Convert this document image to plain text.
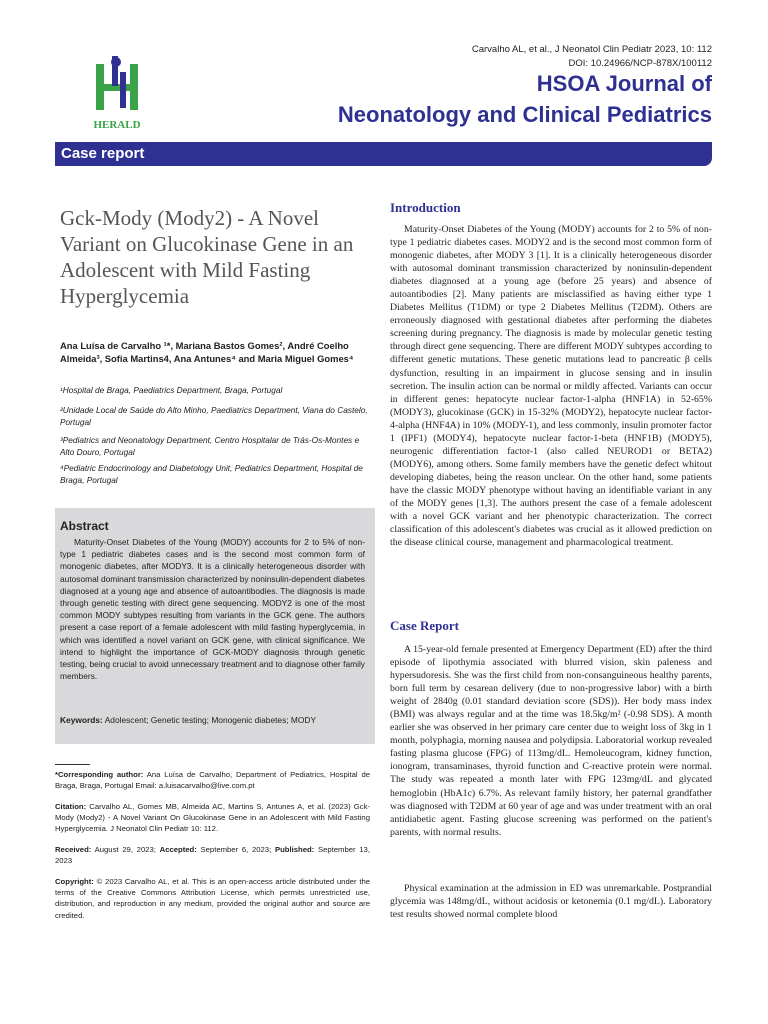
HERALD
Carvalho AL, et al., J Neonatol Clin Pediatr 2023, 10: 112
DOI: 10.24966/NCP-878X/100112
HSOA Journal of
Neonatology and Clinical Pediatrics
Case report
Gck-Mody (Mody2) - A Novel Variant on Glucokinase Gene in an Adolescent with Mild Fasting Hyperglycemia
Ana Luísa de Carvalho ¹*, Mariana Bastos Gomes², André Coelho Almeida³, Sofia Martins4, Ana Antunes⁴ and Maria Miguel Gomes⁴
¹Hospital de Braga, Paediatrics Department, Braga, Portugal
²Unidade Local de Saúde do Alto Minho, Paediatrics Department, Viana do Castelo, Portugal
³Pediatrics and Neonatology Department, Centro Hospitalar de Trás-Os-Montes e Alto Douro, Portugal
⁴Pediatric Endocrinology and Diabetology Unit, Pediatrics Department, Hospital de Braga, Portugal
Abstract
Maturity-Onset Diabetes of the Young (MODY) accounts for 2 to 5% of non-type 1 pediatric diabetes cases and is the second most common form of monogenic diabetes, after MODY3. It is a clinically heterogeneous disorder with autosomal dominant transmission characterized by noninsulin-dependent diabetes diagnosed at a young age and absence of autoantibodies. The diagnosis is made through genetic testing with direct gene sequencing. MODY2 is one of the most common MODY subtypes resulting from variants in the GCK gene. The authors present a case report of a female adolescent with mild fasting hyperglycemia, in which was identified a novel variant on GCK gene, with clinical significance. We intend to highlight the importance of GCK-MODY diagnosis through genetic testing, being crucial to avoid unnecessary treatment and to diagnose other family members.
Keywords: Adolescent; Genetic testing; Monogenic diabetes; MODY
*Corresponding author: Ana Luísa de Carvalho, Department of Pediatrics, Hospital de Braga, Braga, Portugal Email: a.luisacarvalho@live.com.pt
Citation: Carvalho AL, Gomes MB, Almeida AC, Martins S, Antunes A, et al. (2023) Gck-Mody (Mody2) - A Novel Variant On Glucokinase Gene in an Adolescent with Mild Fasting Hyperglycemia. J Neonatol Clin Pediatr 10: 112.
Received: August 29, 2023; Accepted: September 6, 2023; Published: September 13, 2023
Copyright: © 2023 Carvalho AL, et al. This is an open-access article distributed under the terms of the Creative Commons Attribution License, which permits unrestricted use, distribution, and reproduction in any medium, provided the original author and source are credited.
Introduction
Maturity-Onset Diabetes of the Young (MODY) accounts for 2 to 5% of non-type 1 pediatric diabetes cases. MODY2 and is the second most common form of monogenic diabetes, after MODY 3 [1]. It is a clinically heterogeneous disorder with autosomal dominant transmission characterized by noninsulin-dependent diabetes diagnosed at a young age (before 25 years) and absence of autoantibodies [2]. Many patients are misclassified as having either type 1 Diabetes Mellitus (T1DM) or type 2 Diabetes Mellitus (T2DM). Others are erroneously diagnosed with gestational diabetes after performing the diabetes screening during pregnancy. The diagnosis is made by molecular genetic testing through direct gene sequencing. There are different MODY subtypes according to different genetic mutations. These genetic mutations lead to pancreatic β cells dysfunction, resulting in an impairment in glucose sensing and in insulin secretion. The insulin action can be normal or mildly affected. Variants can occur in different genes: hepatocyte nuclear factor-1-alpha (HNF1A) in 52-65% (MODY3), glucokinase (GCK) in 15-32% (MODY2), hepatocyte nuclear factor-4-alpha (HNF4A) in 10% (MODY-1), and less commonly, insulin promoter factor 1 (IPF1) (MODY4), hepatocyte nuclear factor-1-beta (HNF1B) (MODY5), neurogenic differentiation factor-1 (also called NEUROD1 or BETA2) (MODY6), among others. Some family members have the genetic defect whitout developing diabetes, being the reason unclear. On the other hand, some patients have the classic MODY phenotype without having an identifiable variant in any of the MODY genes [1,3]. The authors present the case of a female adolescent with a novel GCK variant and her phenotypic characterization. The correct classification of this adolescent's diabetes was crucial as it allowed prediction on the disease clinical course, management and pharmacological treatment.
Case Report
A 15-year-old female presented at Emergency Department (ED) after the third episode of lipothymia associated with blurred vision, skin paleness and hypersudoresis. She was the first child from non-consanguineous healthy parents, born full term by cesarean delivery (due to non-progressive labor) with a birth weight of 2840g (0.01 standard deviation score (SDS)). Her body mass index (BMI) was always regular and at the time was 18.5kg/m² (-0.98 SDS). A month earlier she was observed in her primary care center due to weight loss of 3kg in 1 month, polyphagia, morning nausea and polydipsia. Laboratorial workup revealed fasting plasma glucose (FPG) of 113mg/dL. Hemoleucogram, kidney function, ionogram, transaminases, thyroid function and C-reactive protein were normal. The study was repeated a month later with FPG 123mg/dL and glycated hemoglobin (HbA1c) 6.7%. As relevant family history, her paternal grandfather was diagnosed with T2DM at 60 year of age and was under treatment with an oral antidiabetic agent. Fasting glucose screening was performed on the patient's parents, with normal results.
Physical examination at the admission in ED was unremarkable. Postprandial glycemia was 148mg/dL, without acidosis or ketonemia (0.1 mg/dL). Laboratory test results showed normal complete blood
